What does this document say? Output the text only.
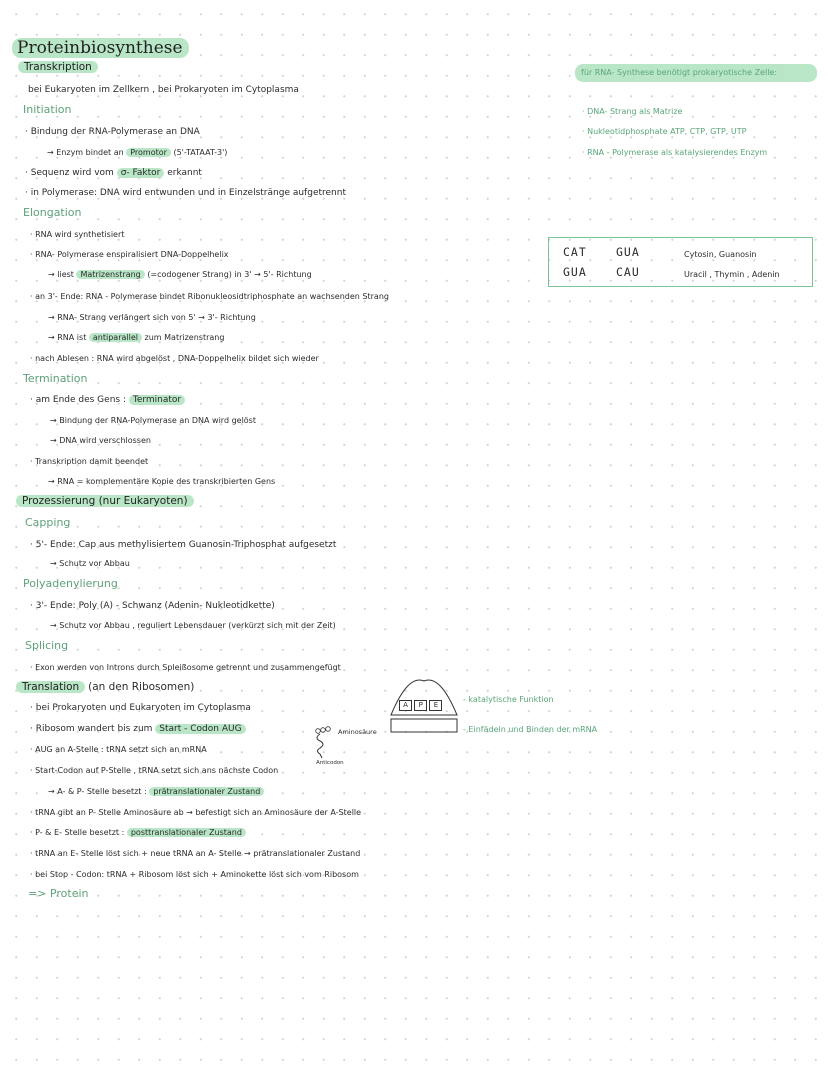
Proteinbiosynthese
Transkription
bei Eukaryoten im Zellkern , bei Prokaryoten im Cytoplasma
Initiation
· Bindung der RNA-Polymerase an DNA
→ Enzym bindet an Promotor (5'-TATAAT-3')
· Sequenz wird vom σ- Faktor erkannt
· in Polymerase: DNA wird entwunden und in Einzelstränge aufgetrennt
Elongation
· RNA wird synthetisiert
· RNA- Polymerase enspiralisiert DNA-Doppelhelix
→ liest Matrizenstrang (=codogener Strang) in 3' → 5'- Richtung
· an 3'- Ende: RNA - Polymerase bindet Ribonukleosidtriphosphate an wachsenden Strang
→ RNA- Strang verlängert sich von 5' → 3'- Richtung
→ RNA ist antiparallel zum Matrizenstrang
· nach Ablesen : RNA wird abgelöst , DNA-Doppelhelix bildet sich wieder
Termination
· am Ende des Gens : Terminator
→ Bindung der RNA-Polymerase an DNA wird gelöst
→ DNA wird verschlossen
· Transkription damit beendet
→ RNA = komplementäre Kopie des transkribierten Gens
Prozessierung (nur Eukaryoten)
Capping
· 5'- Ende: Cap aus methylisiertem Guanosin-Triphosphat aufgesetzt
→ Schutz vor Abbau
Polyadenylierung
· 3'- Ende: Poly (A) - Schwanz (Adenin- Nukleotidkette)
→ Schutz vor Abbau , reguliert Lebensdauer (verkürzt sich mit der Zeit)
Splicing
· Exon werden von Introns durch Spleißosome getrennt und zusammengefügt
Translation (an den Ribosomen)
· bei Prokaryoten und Eukaryoten im Cytoplasma
· Ribosom wandert bis zum Start - Codon AUG
· AUG an A-Stelle : tRNA setzt sich an mRNA
· Start-Codon auf P-Stelle , tRNA setzt sich ans nächste Codon
→ A- & P- Stelle besetzt : prätranslationaler Zustand
· tRNA gibt an P- Stelle Aminosäure ab → befestigt sich an Aminosäure der A-Stelle
· P- & E- Stelle besetzt : posttranslationaler Zustand
· tRNA an E- Stelle löst sich + neue tRNA an A- Stelle → prätranslationaler Zustand
· bei Stop - Codon: tRNA + Ribosom löst sich + Aminokette löst sich vom Ribosom
=> Protein
Aminosäure
Anticodon
A P E
- katalytische Funktion
- Einfädeln und Binden der mRNA
für RNA- Synthese benötigt prokaryotische Zelle:
· DNA- Strang als Matrize
· Nukleotidphosphate ATP, CTP, GTP, UTP
· RNA - Polymerase als katalysierendes Enzym
CAT	GUA	Cytosin, Guanosin
GUA	CAU	Uracil , Thymin , Adenin
